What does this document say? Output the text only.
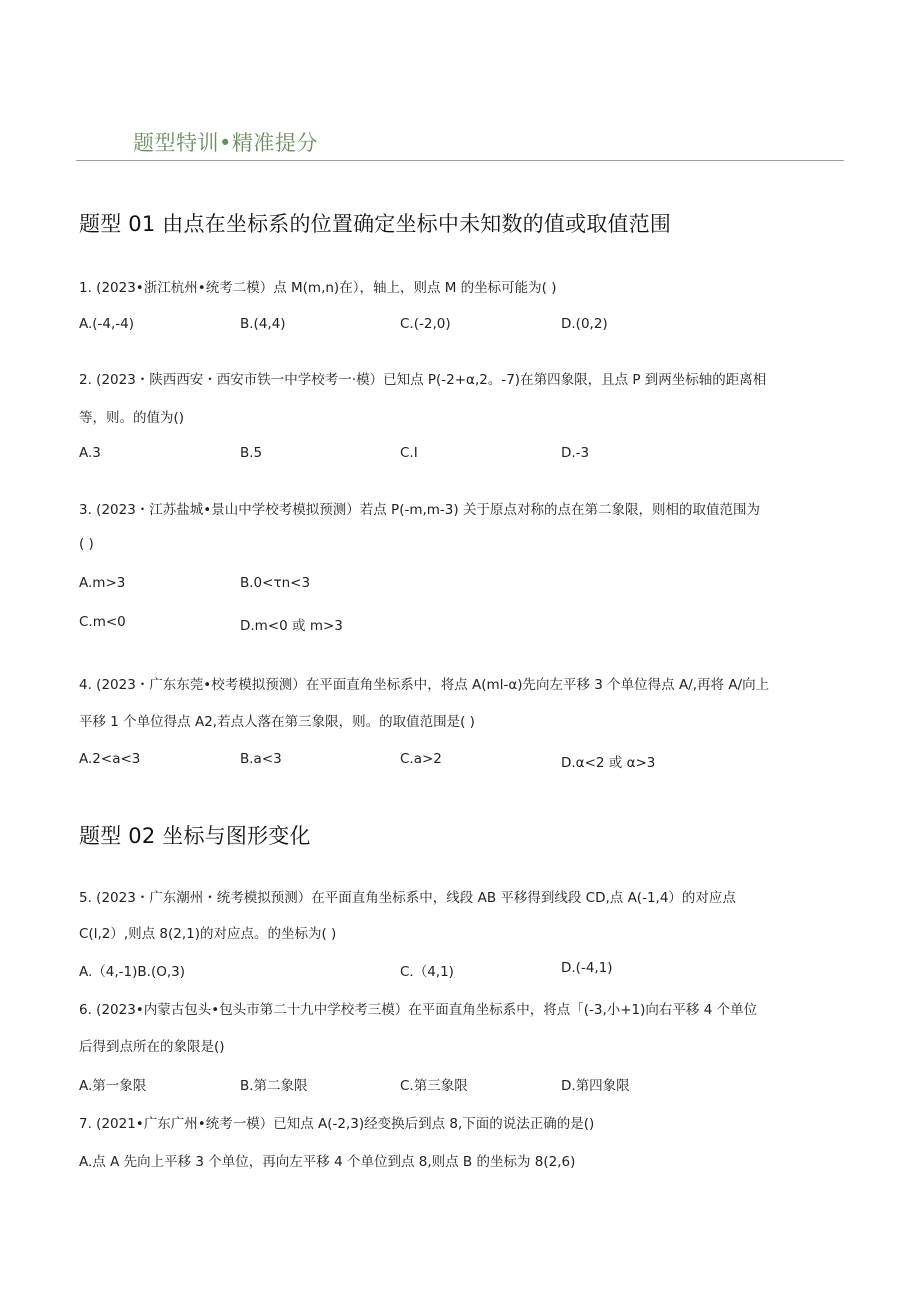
题型特训•精准提分
题型 01 由点在坐标系的位置确定坐标中未知数的值或取值范围
1. (2023•浙江杭州•统考二模）点 M(m,n)在），轴上，则点 M 的坐标可能为( )
A.(-4,-4)	B.(4,4)	C.(-2,0)	D.(0,2)
2. (2023・陕西西安・西安市铁一中学校考一·模）已知点 P(-2+α,2。-7)在第四象限，且点 P 到两坐标轴的距离相
等，则。的值为()
A.3	B.5	C.I	D.-3
3. (2023・江苏盐城•景山中学校考模拟预测）若点 P(-m,m-3) 关于原点对称的点在第二象限，则相的取值范围为
( )
A.m>3	B.0<τn<3
C.m<0	D.m<0 或 m>3
4. (2023・广东东莞•校考模拟预测）在平面直角坐标系中，将点 A(ml-α)先向左平移 3 个单位得点 A/,再将 A/向上
平移 1 个单位得点 A2,若点人落在第三象限，则。的取值范围是( )
A.2<a<3	B.a<3	C.a>2	D.α<2 或 α>3
题型 02 坐标与图形变化
5. (2023・广东潮州・统考模拟预测）在平面直角坐标系中，线段 AB 平移得到线段 CD,点 A(-1,4）的对应点
C(l,2）,则点 8(2,1)的对应点。的坐标为( )
A.（4,-1)B.(O,3)	C.（4,1)	D.(-4,1)
6. (2023•内蒙古包头•包头市第二十九中学校考三模）在平面直角坐标系中，将点「(-3,小+1)向右平移 4 个单位
后得到点所在的象限是()
A.第一象限	B.第二象限	C.第三象限	D.第四象限
7. (2021•广东广州•统考一模）已知点 A(-2,3)经变换后到点 8,下面的说法正确的是()
A.点 A 先向上平移 3 个单位，再向左平移 4 个单位到点 8,则点 B 的坐标为 8(2,6)
